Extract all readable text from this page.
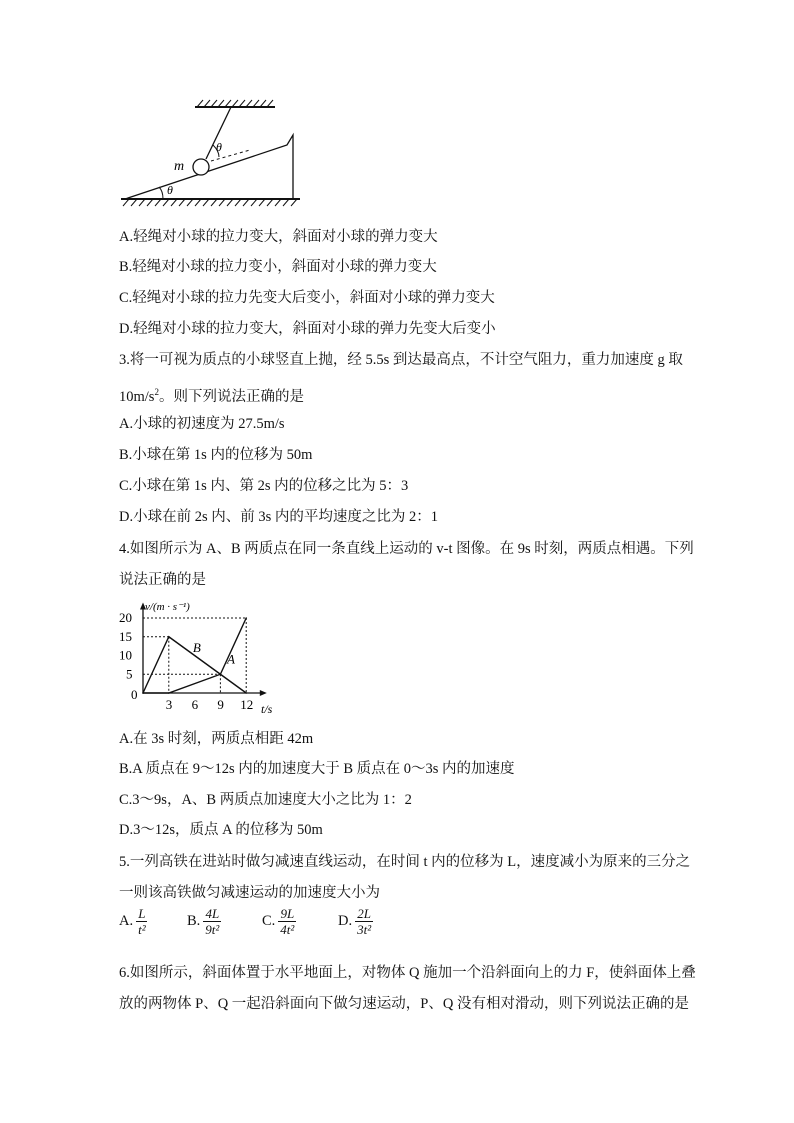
m
θ
θ
A.轻绳对小球的拉力变大，斜面对小球的弹力变大
B.轻绳对小球的拉力变小，斜面对小球的弹力变大
C.轻绳对小球的拉力先变大后变小，斜面对小球的弹力变大
D.轻绳对小球的拉力变大，斜面对小球的弹力先变大后变小
3.将一可视为质点的小球竖直上抛，经 5.5s 到达最高点，不计空气阻力，重力加速度 g 取
$10m/s^2$。则下列说法正确的是
A.小球的初速度为 27.5m/s
B.小球在第 1s 内的位移为 50m
C.小球在第 1s 内、第 2s 内的位移之比为 5：3
D.小球在前 2s 内、前 3s 内的平均速度之比为 2：1
4.如图所示为 A、B 两质点在同一条直线上运动的 v-t 图像。在 9s 时刻，两质点相遇。下列
说法正确的是
3 6 9 12
5
10
15
20
A
B
v/(m · s⁻¹)
t/s
0
A.在 3s 时刻，两质点相距 42m
B.A 质点在 9～12s 内的加速度大于 B 质点在 0～3s 内的加速度
C.3～9s，A、B 两质点加速度大小之比为 1：2
D.3～12s，质点 A 的位移为 50m
5.一列高铁在进站时做匀减速直线运动，在时间 t 内的位移为 L，速度减小为原来的三分之
一则该高铁做匀减速运动的加速度大小为
A. $\frac{L}{\text{t²}}$	B. $\frac{4L}{\text{9t²}}$	C. $\frac{9L}{\text{4t²}}$	D. $\frac{2L}{\text{3t²}}$
6.如图所示，斜面体置于水平地面上，对物体 Q 施加一个沿斜面向上的力 F，使斜面体上叠
放的两物体 P、Q 一起沿斜面向下做匀速运动，P、Q 没有相对滑动，则下列说法正确的是
